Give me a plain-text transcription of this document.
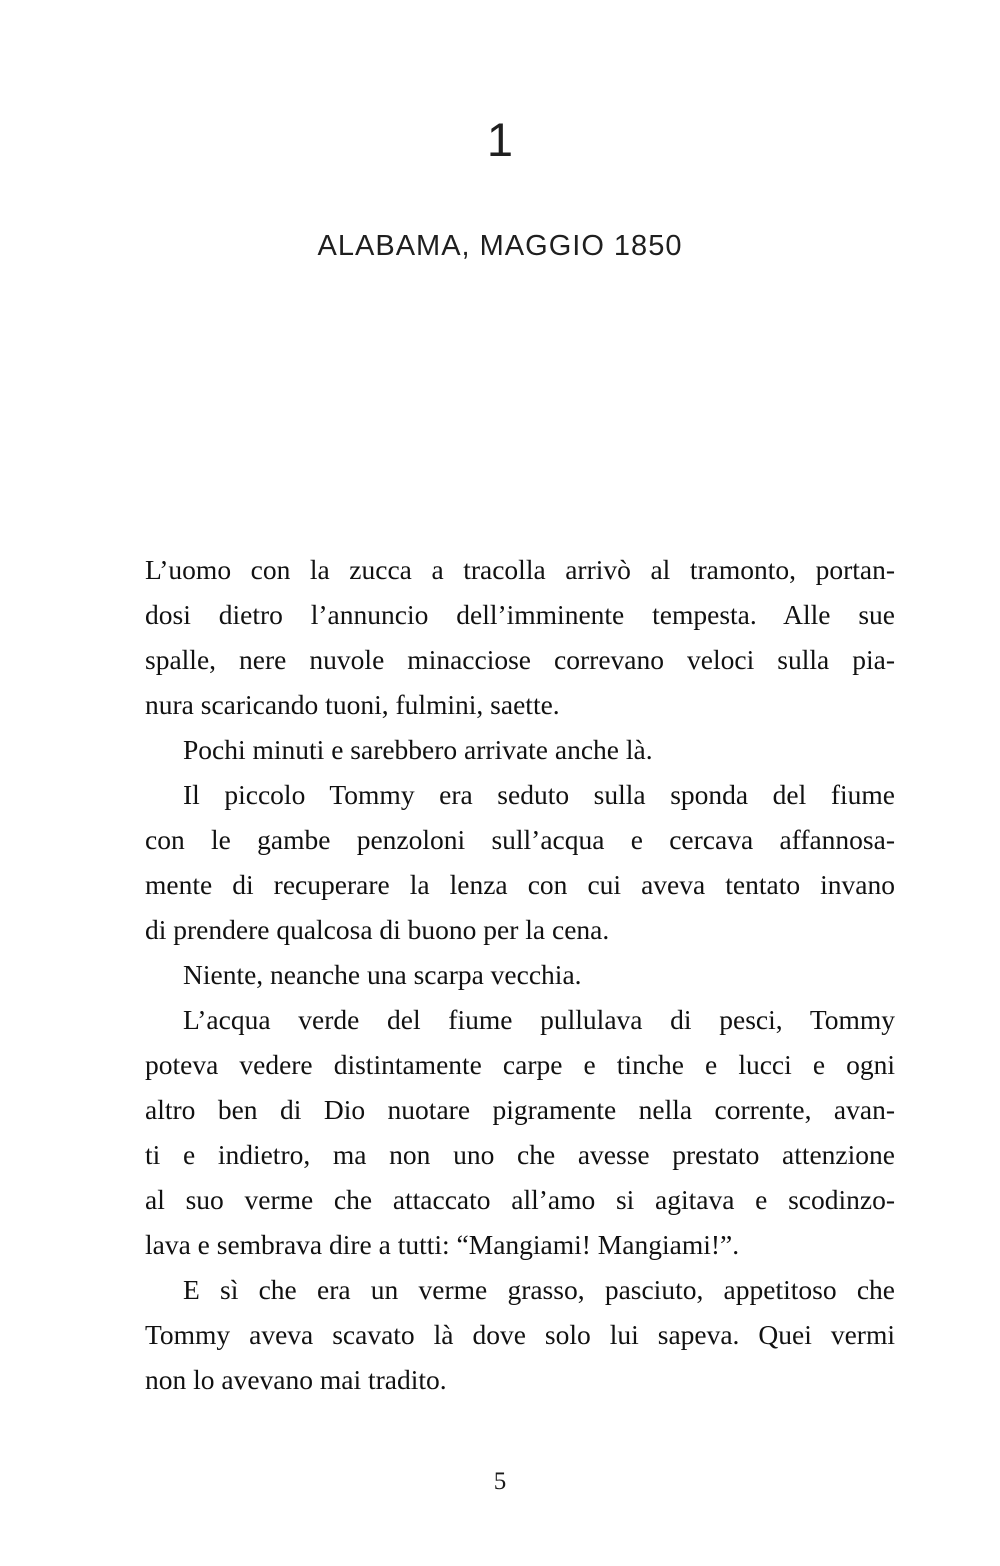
1
ALABAMA, MAGGIO 1850
L’uomo con la zucca a tracolla arrivò al tramonto, portan-
dosi dietro l’annuncio dell’imminente tempesta. Alle sue
spalle, nere nuvole minacciose correvano veloci sulla pia-
nura scaricando tuoni, fulmini, saette.
Pochi minuti e sarebbero arrivate anche là.
Il piccolo Tommy era seduto sulla sponda del fiume
con le gambe penzoloni sull’acqua e cercava affannosa-
mente di recuperare la lenza con cui aveva tentato invano
di prendere qualcosa di buono per la cena.
Niente, neanche una scarpa vecchia.
L’acqua verde del fiume pullulava di pesci, Tommy
poteva vedere distintamente carpe e tinche e lucci e ogni
altro ben di Dio nuotare pigramente nella corrente, avan-
ti e indietro, ma non uno che avesse prestato attenzione
al suo verme che attaccato all’amo si agitava e scodinzo-
lava e sembrava dire a tutti: “Mangiami! Mangiami!”.
E sì che era un verme grasso, pasciuto, appetitoso che
Tommy aveva scavato là dove solo lui sapeva. Quei vermi
non lo avevano mai tradito.
5
